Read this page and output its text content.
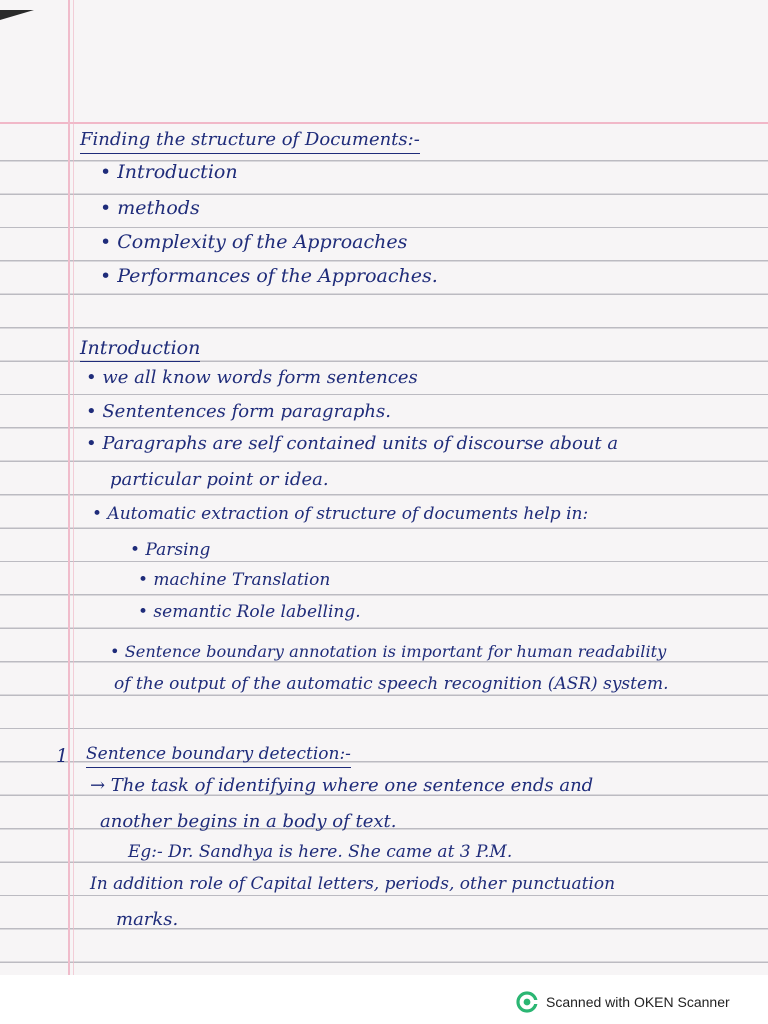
Finding the structure of Documents:-
• Introduction
• methods
• Complexity of the Approaches
• Performances of the Approaches.
Introduction
• we all know words form sentences
• Sententences form paragraphs.
• Paragraphs are self contained units of discourse about a
particular point or idea.
• Automatic extraction of structure of documents help in:
• Parsing
• machine Translation
• semantic Role labelling.
• Sentence boundary annotation is important for human readability
of the output of the automatic speech recognition (ASR) system.
1 Sentence boundary detection:-
→ The task of identifying where one sentence ends and
another begins in a body of text.
Eg:- Dr. Sandhya is here. She came at 3 P.M.
In addition role of Capital letters, periods, other punctuation
marks.
Scanned with OKEN Scanner
